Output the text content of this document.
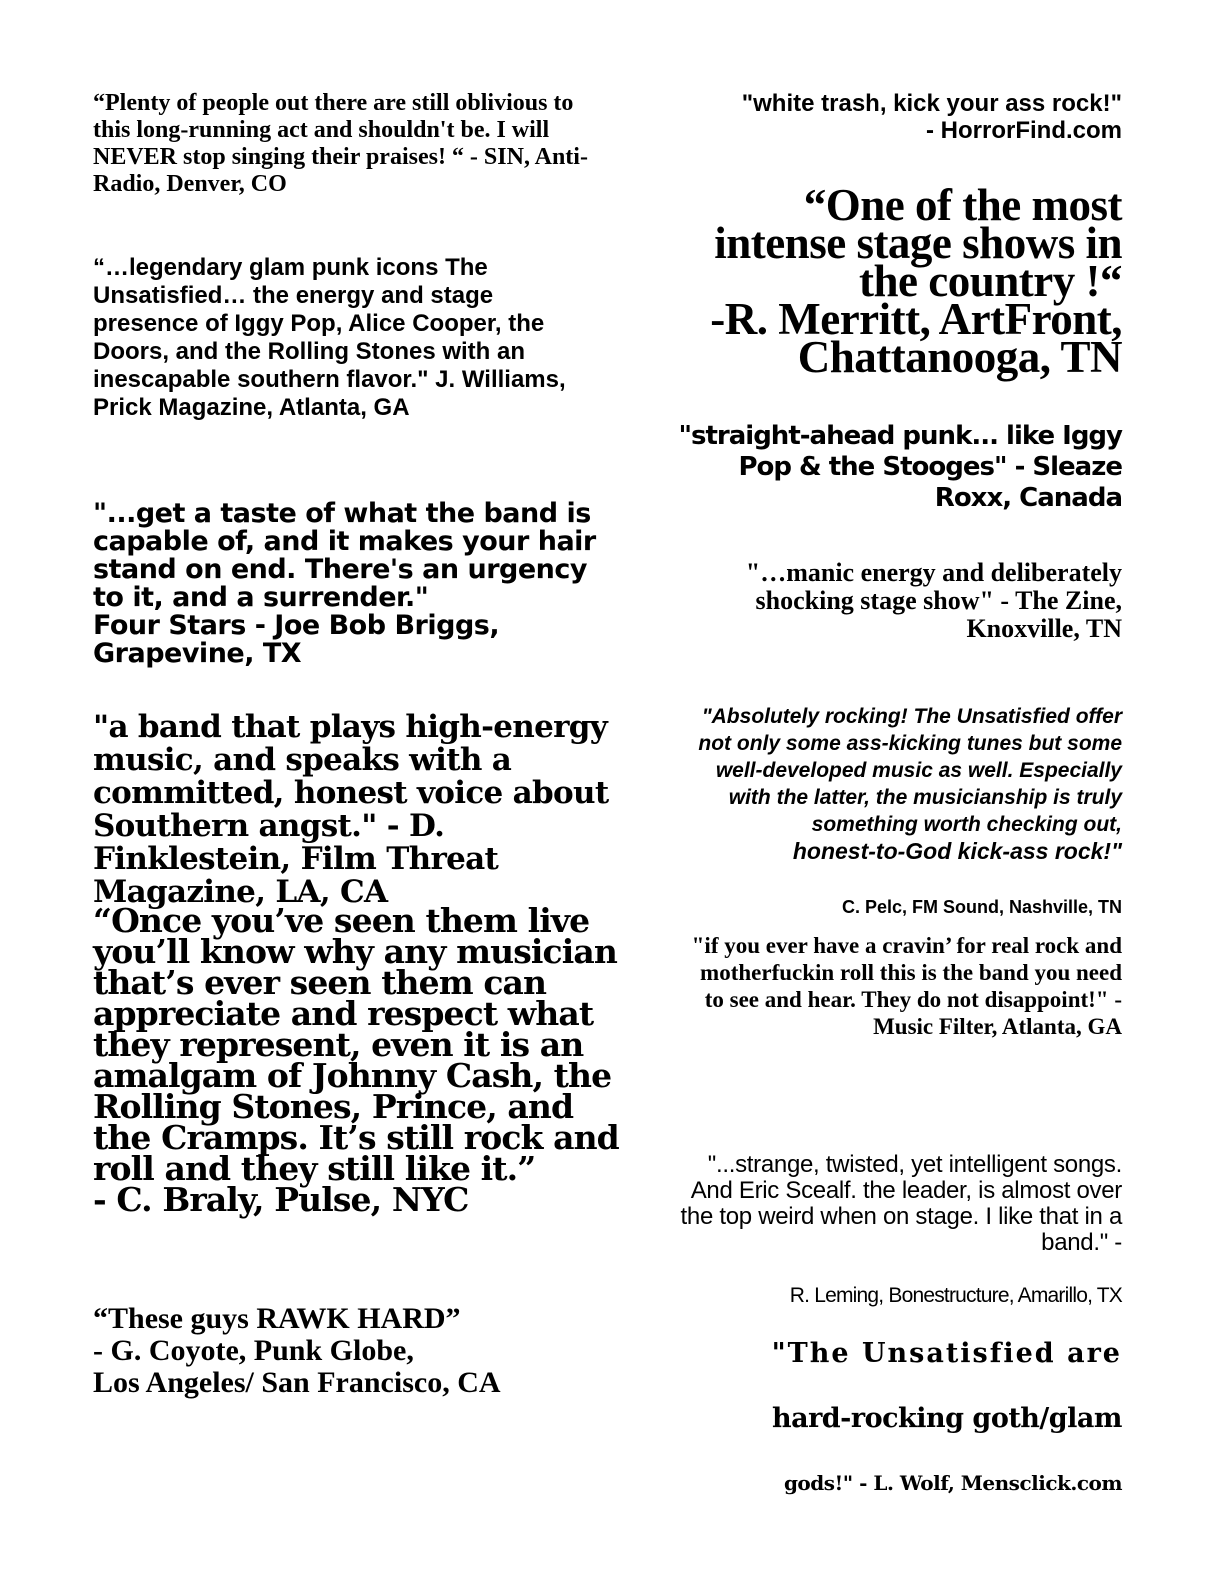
“Plenty of people out there are still oblivious to this long-running act and shouldn't be. I will NEVER stop singing their praises! “ - SIN, Anti-Radio, Denver, CO

“…legendary glam punk icons The Unsatisfied… the energy and stage presence of Iggy Pop, Alice Cooper, the Doors, and the Rolling Stones with an inescapable southern flavor." J. Williams, Prick Magazine, Atlanta, GA

"...get a taste of what the band is capable of, and it makes your hair stand on end. There's an urgency to it, and a surrender."
Four Stars - Joe Bob Briggs, Grapevine, TX

"a band that plays high-energy music, and speaks with a committed, honest voice about Southern angst." - D. Finklestein, Film Threat Magazine, LA, CA

“Once you’ve seen them live you’ll know why any musician that’s ever seen them can appreciate and respect what they represent, even it is an amalgam of Johnny Cash, the Rolling Stones, Prince, and the Cramps. It’s still rock and roll and they still like it.”
- C. Braly, Pulse, NYC

“These guys RAWK HARD”
- G. Coyote, Punk Globe,
Los Angeles/ San Francisco, CA

"white trash, kick your ass rock!"
- HorrorFind.com

“One of the most intense stage shows in the country !“
-R. Merritt, ArtFront, Chattanooga, TN

"straight-ahead punk... like Iggy Pop & the Stooges" - Sleaze Roxx, Canada

"…manic energy and deliberately shocking stage show" - The Zine, Knoxville, TN

"Absolutely rocking! The Unsatisfied offer not only some ass-kicking tunes but some well-developed music as well. Especially with the latter, the musicianship is truly something worth checking out,
honest-to-God kick-ass rock!"

C. Pelc, FM Sound, Nashville, TN

"if you ever have a cravin’ for real rock and motherfuckin roll this is the band you need to see and hear. They do not disappoint!" - Music Filter, Atlanta, GA

"...strange, twisted, yet intelligent songs. And Eric Scealf. the leader, is almost over the top weird when on stage. I like that in a band." -

R. Leming, Bonestructure, Amarillo, TX

"The Unsatisfied are

hard-rocking goth/glam

gods!" - L. Wolf, Mensclick.com
